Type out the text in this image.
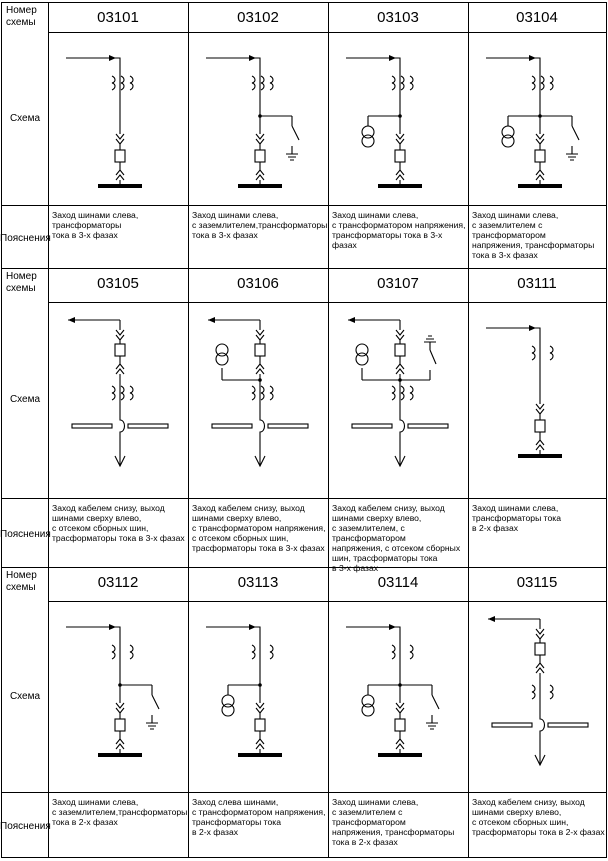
Номер
схемы
Схема
Пояснения
03101
Заход шинами слева,
трансформаторы
тока в 3-х фазах
03102
Заход шинами слева,
с заземлителем,трансформаторы
тока в 3-х фазах
03103
Заход шинами слева,
с трансформатором напряжения,
трансформаторы тока в 3-х
фазах
03104
Заход шинами слева,
с заземлителем с трансформатором
напряжения, трансформаторы
тока в 3-х фазах
Номер
схемы
Схема
Пояснения
03105
Заход кабелем снизу, выход
шинами сверху влево,
с отсеком сборных шин,
трасформаторы тока в 3-х фазах
03106
Заход кабелем снизу, выход
шинами сверху влево,
с трансформатором напряжения,
с отсеком сборных шин,
трасформаторы тока в 3-х фазах
03107
Заход кабелем снизу, выход
шинами сверху влево,
с заземлителем, с трансформатором
напряжения, с отсеком сборных
шин, трасформаторы тока
в 3-х фазах
03111
Заход шинами слева,
трансформаторы тока
в 2-х фазах
Номер
схемы
Схема
Пояснения
03112
Заход шинами слева,
с заземлителем,трансформаторы
тока в 2-х фазах
03113
Заход слева шинами,
с трансформатором напряжения,
трансформаторы тока
в 2-х фазах
03114
Заход шинами слева,
с заземлителем с трансформатором
напряжения, трансформаторы
тока в 2-х фазах
03115
Заход кабелем снизу, выход
шинами сверху влево,
с отсеком сборных шин,
трасформаторы тока в 2-х фазах
